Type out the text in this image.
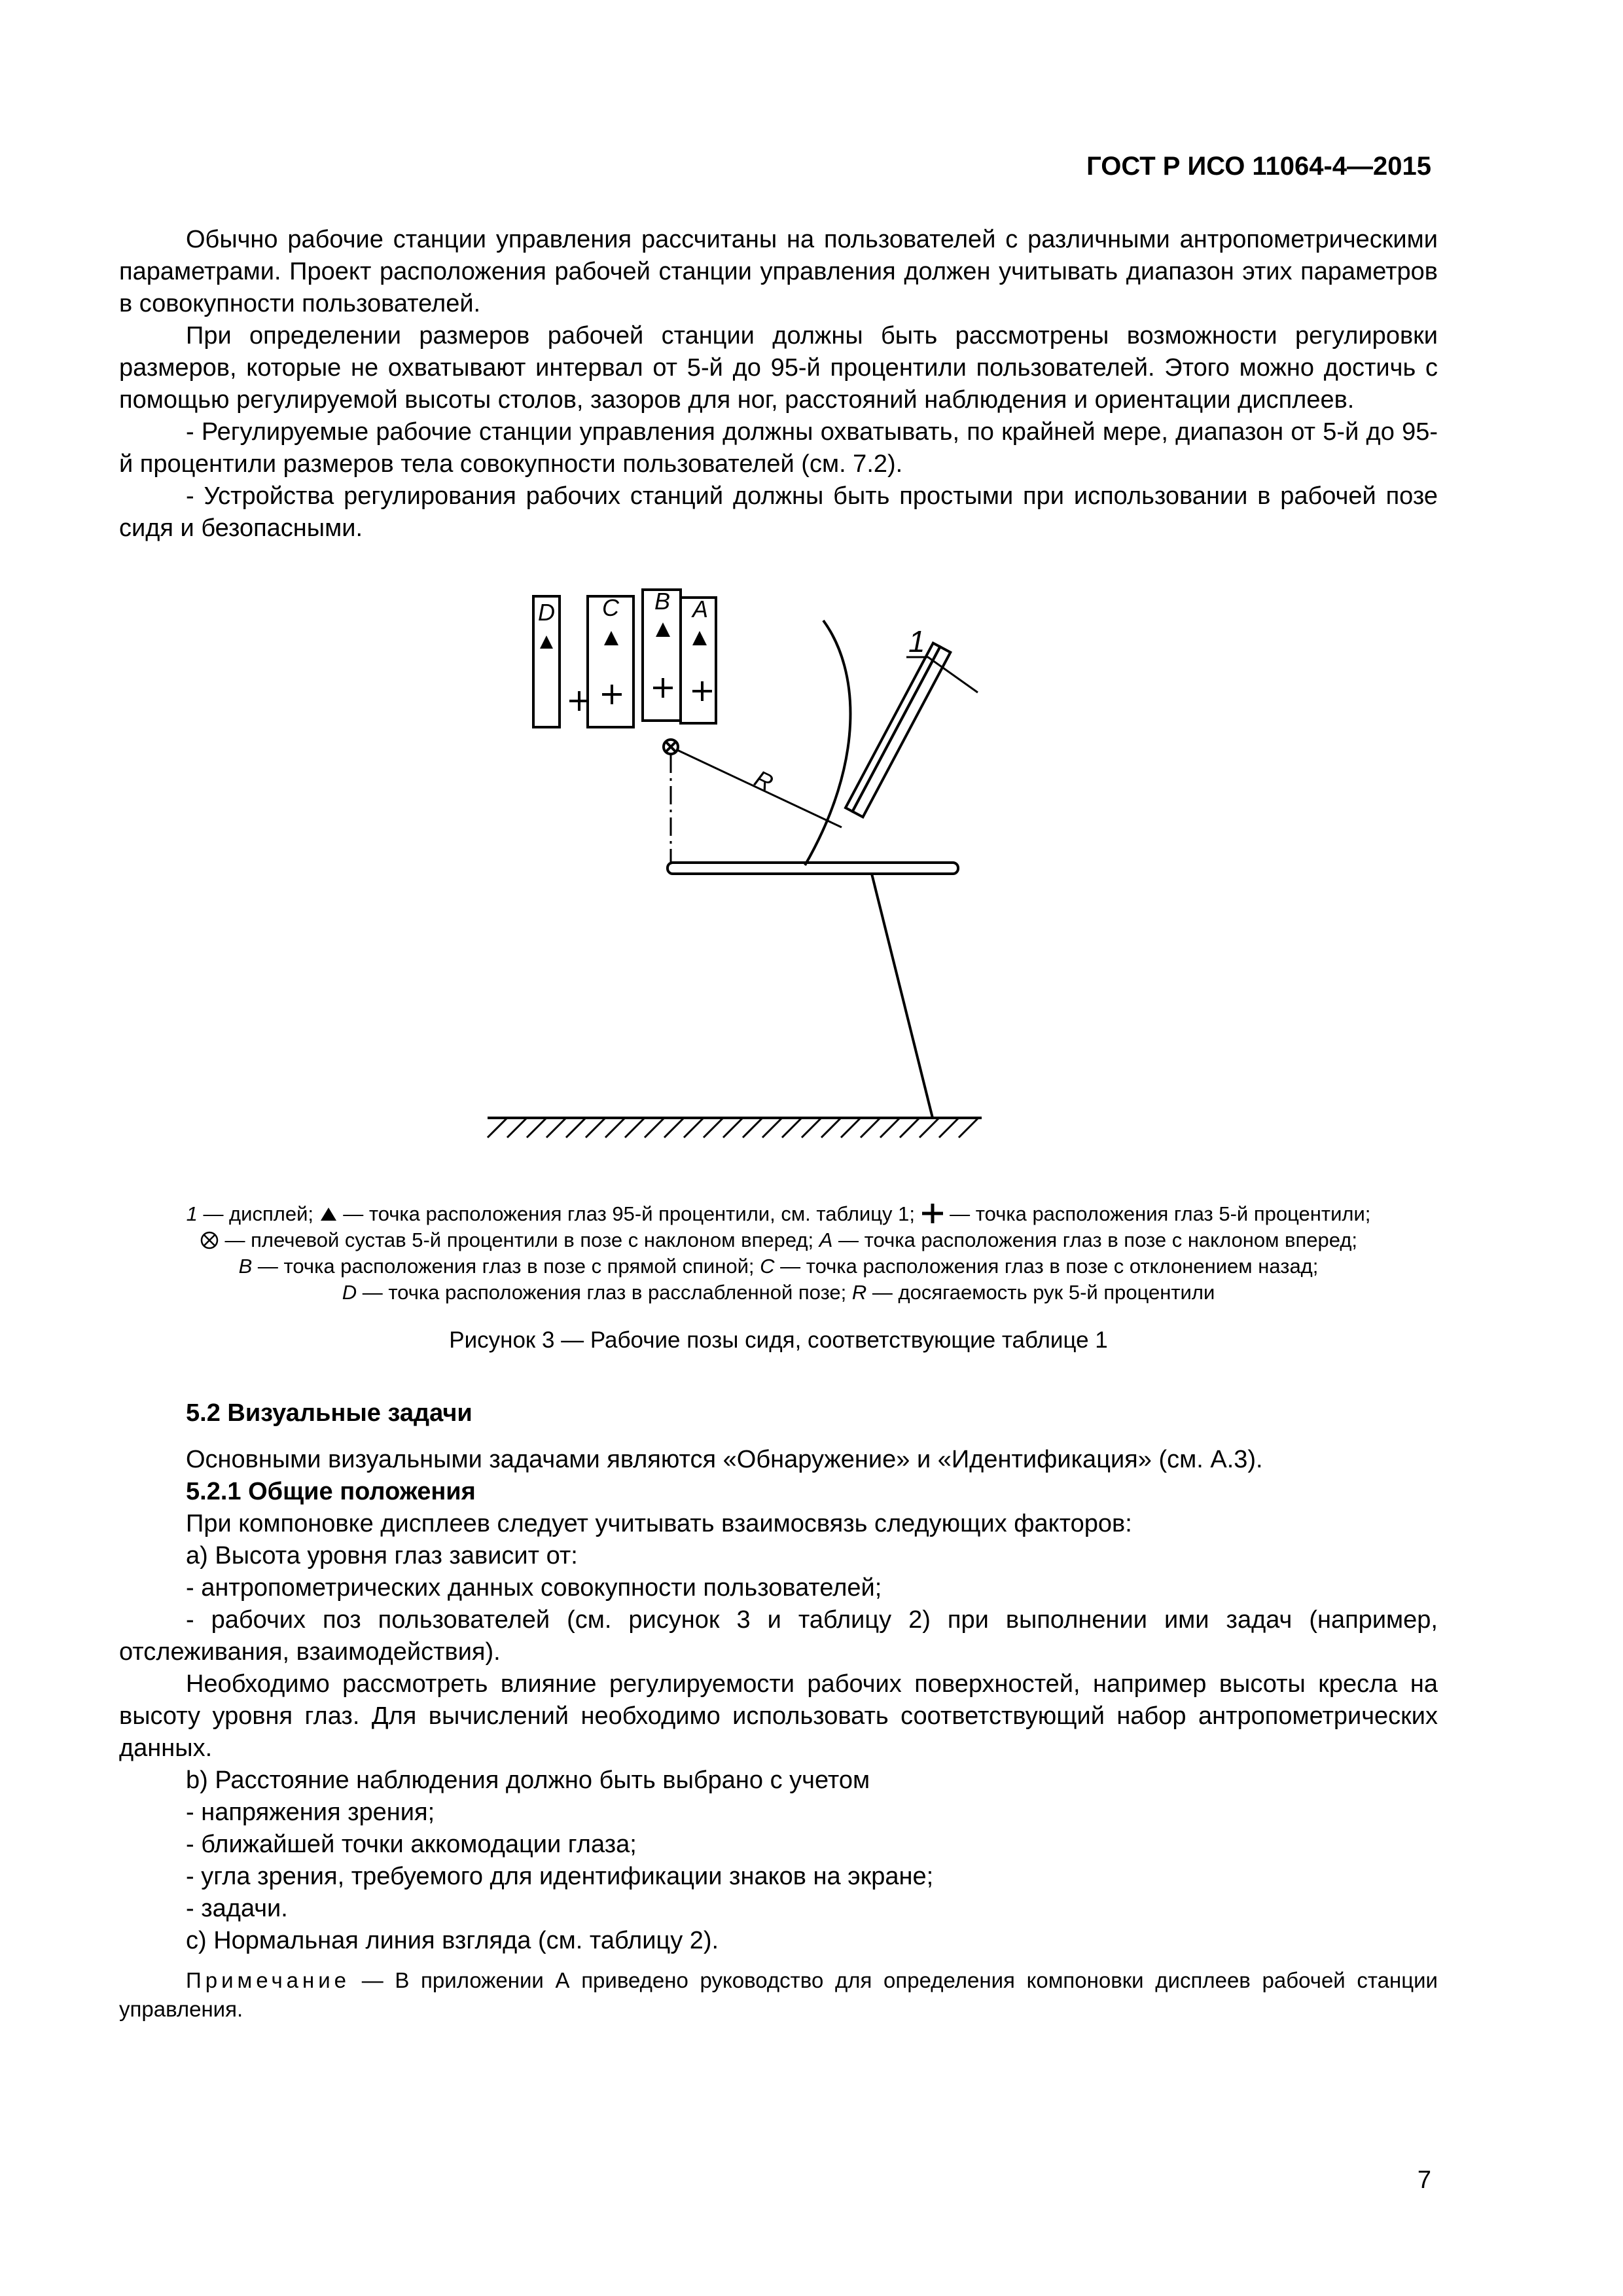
ГОСТ Р ИСО 11064-4—2015

Обычно рабочие станции управления рассчитаны на пользователей с различными антропометрическими параметрами. Проект расположения рабочей станции управления должен учитывать диапазон этих параметров в совокупности пользователей.

При определении размеров рабочей станции должны быть рассмотрены возможности регулировки размеров, которые не охватывают интервал от 5-й до 95-й процентили пользователей. Этого можно достичь с помощью регулируемой высоты столов, зазоров для ног, расстояний наблюдения и ориентации дисплеев.

- Регулируемые рабочие станции управления должны охватывать, по крайней мере, диапазон от 5-й до 95-й процентили размеров тела совокупности пользователей (см. 7.2).

- Устройства регулирования рабочих станций должны быть простыми при использовании в рабочей позе сидя и безопасными.

D C B A
R
1
1 — дисплей;  — точка расположения глаз 95-й процентили, см. таблицу 1;  — точка расположения глаз 5-й процентили;
— плечевой сустав 5-й процентили в позе с наклоном вперед; A — точка расположения глаз в позе с наклоном вперед;
B — точка расположения глаз в позе с прямой спиной; C — точка расположения глаз в позе с отклонением назад;
D — точка расположения глаз в расслабленной позе; R — досягаемость рук 5-й процентили
Рисунок 3 — Рабочие позы сидя, соответствующие таблице 1

5.2 Визуальные задачи

Основными визуальными задачами являются «Обнаружение» и «Идентификация» (см. А.3).

5.2.1 Общие положения

При компоновке дисплеев следует учитывать взаимосвязь следующих факторов:

а) Высота уровня глаз зависит от:

- антропометрических данных совокупности пользователей;

- рабочих поз пользователей (см. рисунок 3 и таблицу 2) при выполнении ими задач (например, отслеживания, взаимодействия).

Необходимо рассмотреть влияние регулируемости рабочих поверхностей, например высоты кресла на высоту уровня глаз. Для вычислений необходимо использовать соответствующий набор антропометрических данных.

b) Расстояние наблюдения должно быть выбрано с учетом

- напряжения зрения;

- ближайшей точки аккомодации глаза;

- угла зрения, требуемого для идентификации знаков на экране;

- задачи.

с) Нормальная линия взгляда (см. таблицу 2).

Примечание — В приложении А приведено руководство для определения компоновки дисплеев рабочей станции управления.

7
